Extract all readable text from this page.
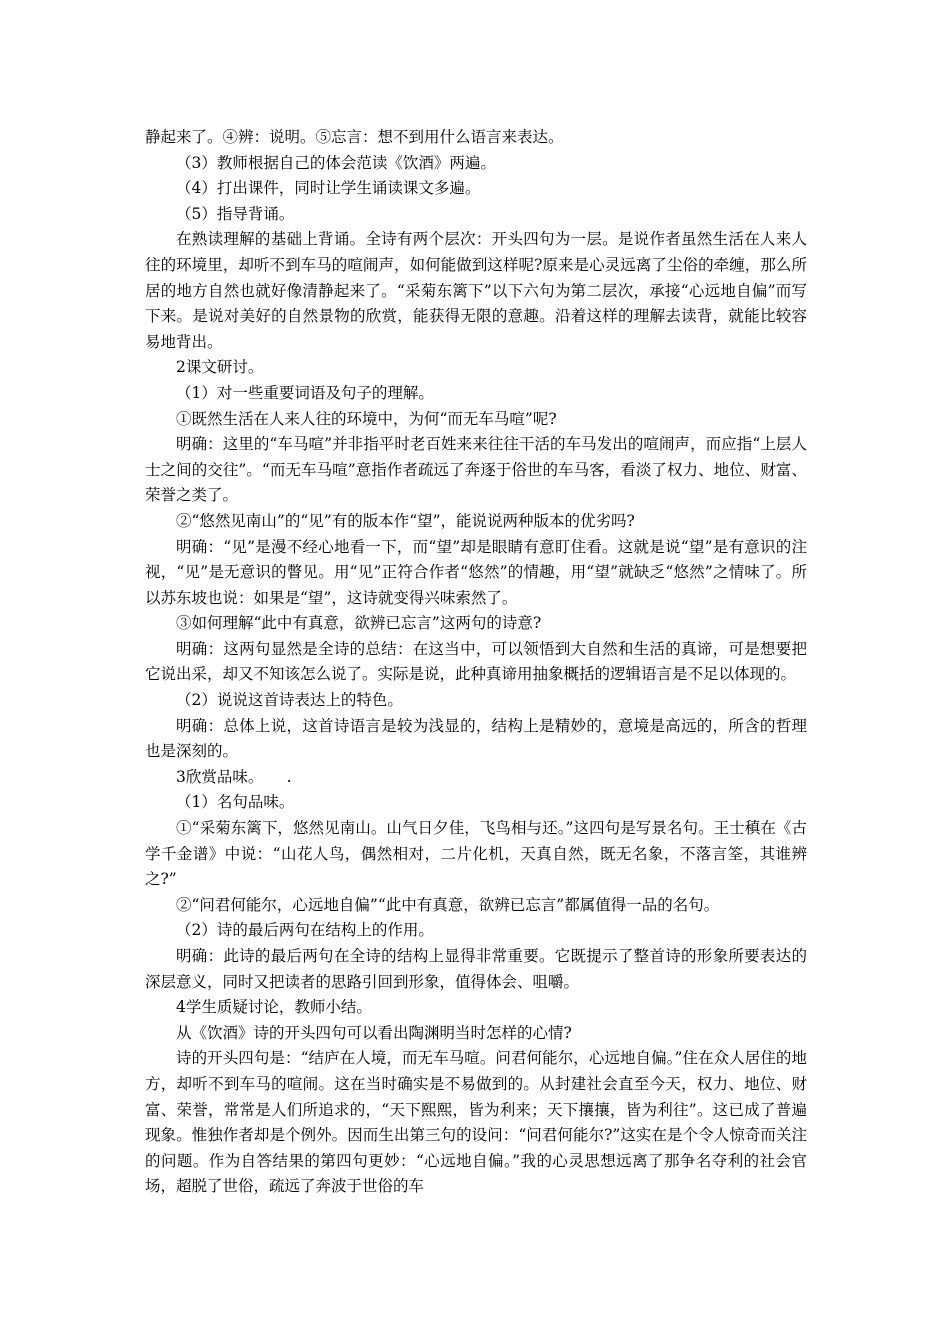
静起来了。④辨：说明。⑤忘言：想不到用什么语言来表达。

（3）教师根据自己的体会范读《饮酒》两遍。

（4）打出课件，同时让学生诵读课文多遍。

（5）指导背诵。

在熟读理解的基础上背诵。全诗有两个层次：开头四句为一层。是说作者虽然生活在人来人往的环境里，却听不到车马的喧闹声，如何能做到这样呢?原来是心灵远离了尘俗的牵缠，那么所居的地方自然也就好像清静起来了。“采菊东篱下”以下六句为第二层次，承接“心远地自偏”而写下来。是说对美好的自然景物的欣赏，能获得无限的意趣。沿着这样的理解去读背，就能比较容易地背出。

2课文研讨。

（1）对一些重要词语及句子的理解。

①既然生活在人来人往的环境中，为何“而无车马喧”呢?

明确：这里的“车马喧”并非指平时老百姓来来往往干活的车马发出的喧闹声，而应指“上层人士之间的交往”。“而无车马喧”意指作者疏远了奔逐于俗世的车马客，看淡了权力、地位、财富、荣誉之类了。

②“悠然见南山”的“见”有的版本作“望”，能说说两种版本的优劣吗?

明确：“见”是漫不经心地看一下，而“望”却是眼睛有意盯住看。这就是说“望”是有意识的注视，“见”是无意识的瞥见。用“见”正符合作者“悠然”的情趣，用“望”就缺乏“悠然”之情味了。所以苏东坡也说：如果是“望”，这诗就变得兴味索然了。

③如何理解“此中有真意，欲辨已忘言”这两句的诗意?

明确：这两句显然是全诗的总结：在这当中，可以领悟到大自然和生活的真谛，可是想要把它说出采，却又不知该怎么说了。实际是说，此种真谛用抽象概括的逻辑语言是不足以体现的。

（2）说说这首诗表达上的特色。

明确：总体上说，这首诗语言是较为浅显的，结构上是精妙的，意境是高远的，所含的哲理也是深刻的。

3欣赏品味。　　.

（1）名句品味。

①“采菊东篱下，悠然见南山。山气日夕佳，飞鸟相与还。”这四句是写景名句。王士稹在《古学千金谱》中说：“山花人鸟，偶然相对，二片化机，天真自然，既无名象，不落言筌，其谁辨之?”

②“问君何能尔，心远地自偏”“此中有真意，欲辨已忘言”都属值得一品的名句。

（2）诗的最后两句在结构上的作用。

明确：此诗的最后两句在全诗的结构上显得非常重要。它既提示了整首诗的形象所要表达的深层意义，同时又把读者的思路引回到形象，值得体会、咀嚼。

4学生质疑讨论，教师小结。

从《饮酒》诗的开头四句可以看出陶渊明当时怎样的心情?

诗的开头四句是：“结庐在人境，而无车马喧。问君何能尔，心远地自偏。”住在众人居住的地方，却听不到车马的喧闹。这在当时确实是不易做到的。从封建社会直至今天，权力、地位、财富、荣誉，常常是人们所追求的，“天下熙熙，皆为利来；天下攘攘，皆为利往”。这已成了普遍现象。惟独作者却是个例外。因而生出第三句的设问：“问君何能尔?”这实在是个令人惊奇而关注的问题。作为自答结果的第四句更妙：“心远地自偏。”我的心灵思想远离了那争名夺利的社会官场，超脱了世俗，疏远了奔波于世俗的车
